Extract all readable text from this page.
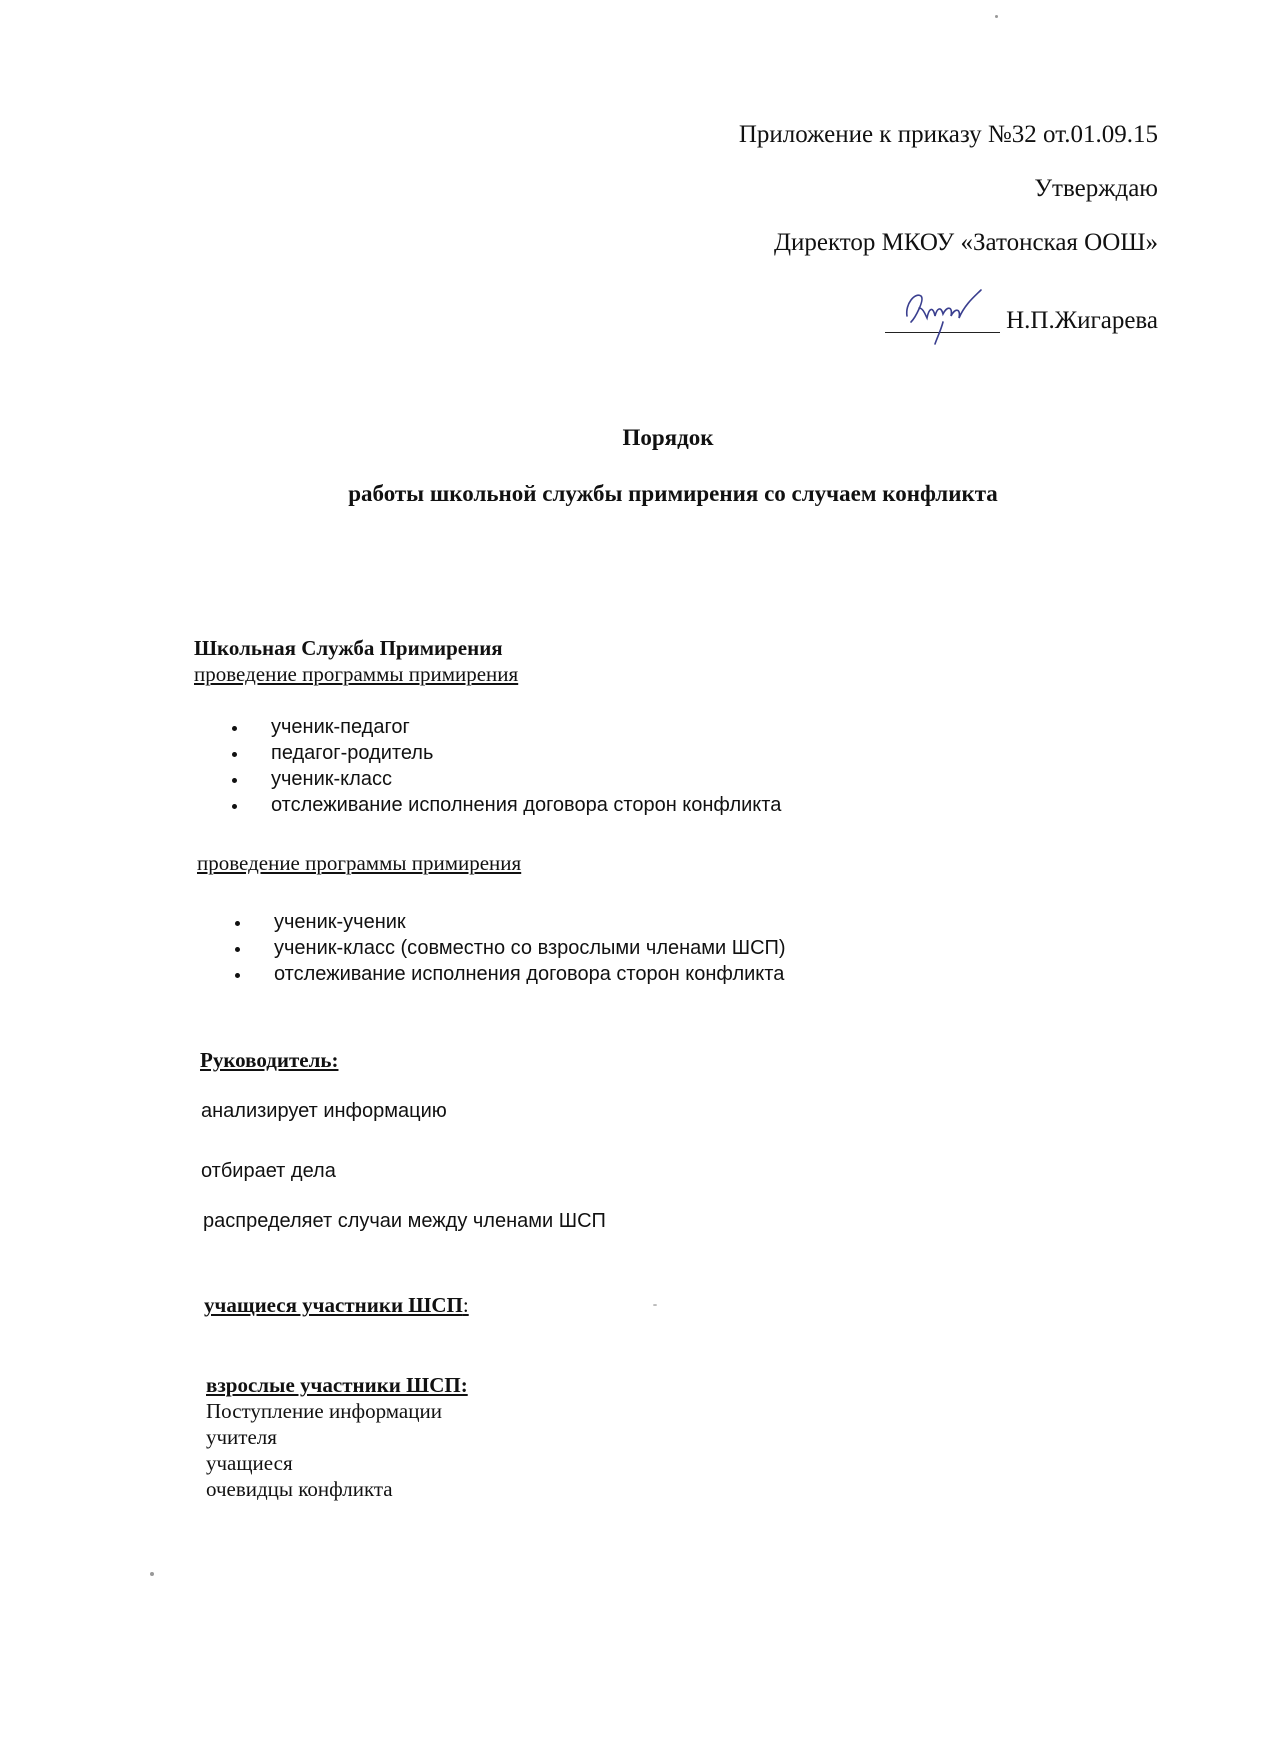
Приложение к приказу №32 от.01.09.15
Утверждаю
Директор МКОУ «Затонская ООШ»
Н.П.Жигарева
Порядок
работы школьной службы примирения со случаем конфликта
Школьная Служба Примирения
проведение программы примирения
ученик-педагог
педагог-родитель
ученик-класс
отслеживание исполнения договора сторон конфликта
проведение программы примирения
ученик-ученик
ученик-класс (совместно со взрослыми членами ШСП)
отслеживание исполнения договора сторон конфликта
Руководитель:
анализирует информацию
отбирает дела
распределяет случаи между членами ШСП
учащиеся участники ШСП:
взрослые участники ШСП:
Поступление информации
учителя
учащиеся
очевидцы конфликта
